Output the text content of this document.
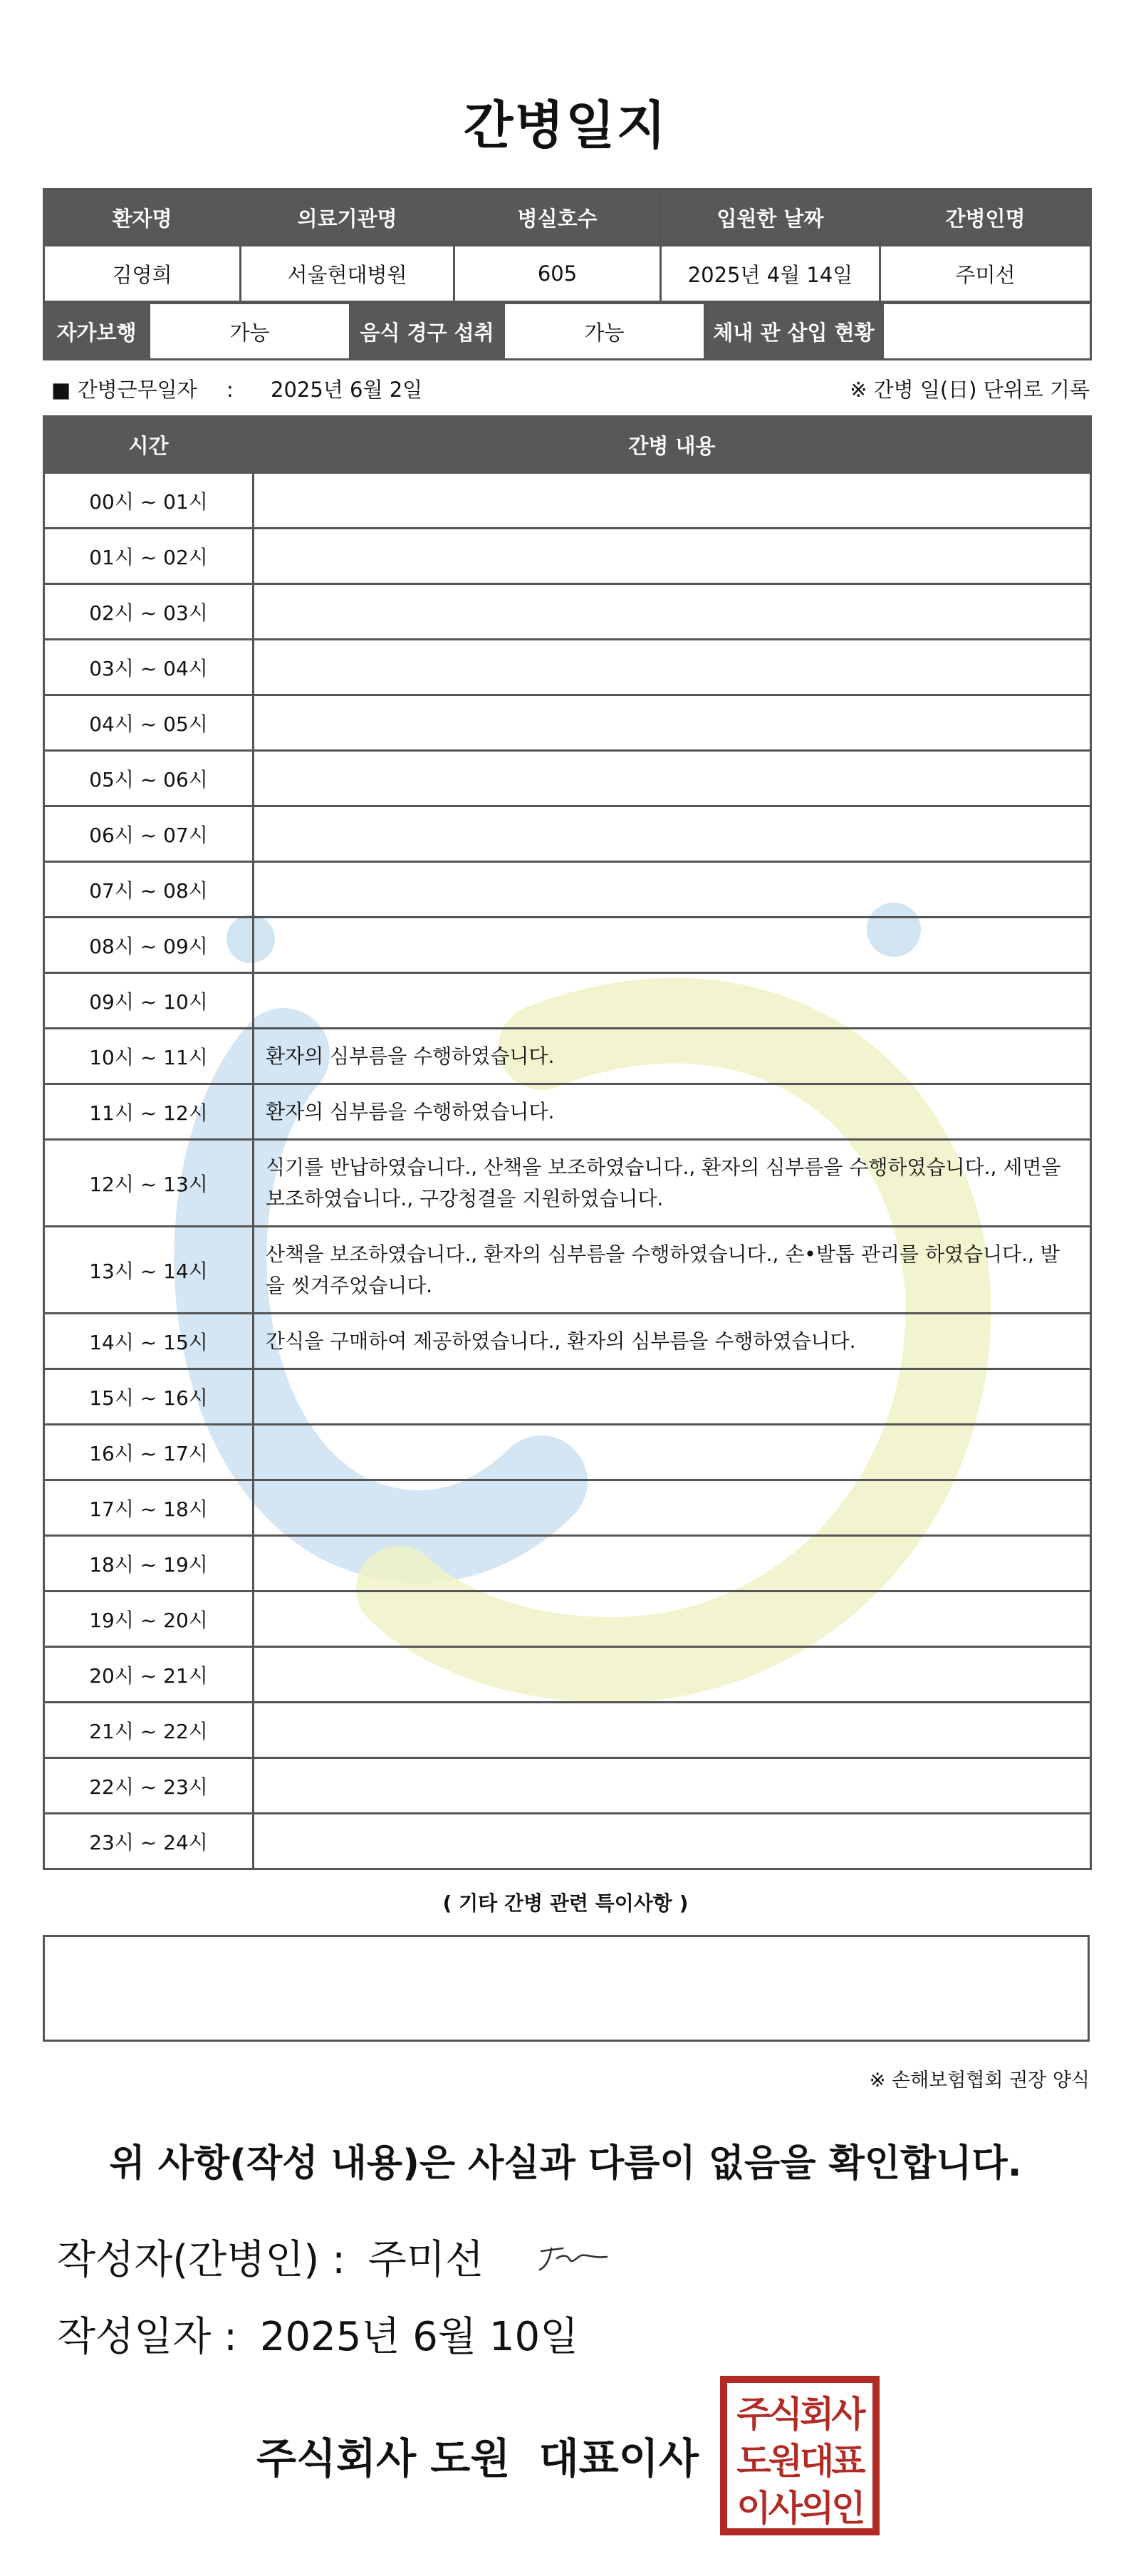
간병일지
환자명	의료기관명	병실호수	입원한 날짜	간병인명
김영희	서울현대병원	605	2025년 4월 14일	주미선
자가보행	가능	음식 경구 섭취	가능	체내 관 삽입 현황	
■ 간병근무일자 : 2025년 6월 2일	※ 간병 일(日) 단위로 기록
시간	간병 내용
00시 ~ 01시	
01시 ~ 02시	
02시 ~ 03시	
03시 ~ 04시	
04시 ~ 05시	
05시 ~ 06시	
06시 ~ 07시	
07시 ~ 08시	
08시 ~ 09시	
09시 ~ 10시	
10시 ~ 11시	환자의 심부름을 수행하였습니다.
11시 ~ 12시	환자의 심부름을 수행하였습니다.
12시 ~ 13시	식기를 반납하였습니다., 산책을 보조하였습니다., 환자의 심부름을 수행하였습니다., 세면을 보조하였습니다., 구강청결을 지원하였습니다.
13시 ~ 14시	산책을 보조하였습니다., 환자의 심부름을 수행하였습니다., 손•발톱 관리를 하였습니다., 발을 씻겨주었습니다.
14시 ~ 15시	간식을 구매하여 제공하였습니다., 환자의 심부름을 수행하였습니다.
15시 ~ 16시	
16시 ~ 17시	
17시 ~ 18시	
18시 ~ 19시	
19시 ~ 20시	
20시 ~ 21시	
21시 ~ 22시	
22시 ~ 23시	
23시 ~ 24시	
( 기타 간병 관련 특이사항 )
※ 손해보험협회 권장 양식
위 사항(작성 내용)은 사실과 다름이 없음을 확인합니다.
작성자(간병인) : 주미선
작성일자 : 2025년 6월 10일
주식회사 도원  대표이사
주식회사
도원대표
이사의인
